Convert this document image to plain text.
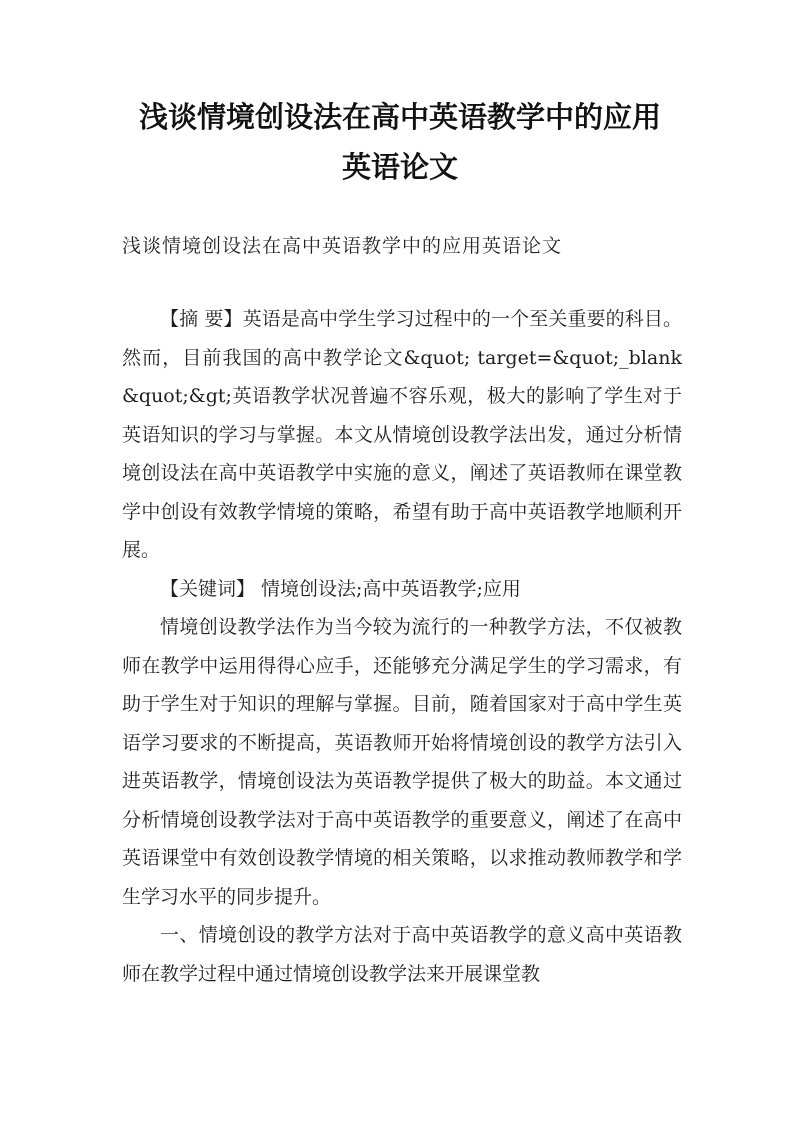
浅谈情境创设法在高中英语教学中的应用
英语论文

浅谈情境创设法在高中英语教学中的应用英语论文

【摘 要】英语是高中学生学习过程中的一个至关重要的科目。然而，目前我国的高中教学论文&quot; target=&quot;_blank&quot;&gt;英语教学状况普遍不容乐观，极大的影响了学生对于英语知识的学习与掌握。本文从情境创设教学法出发，通过分析情境创设法在高中英语教学中实施的意义，阐述了英语教师在课堂教学中创设有效教学情境的策略，希望有助于高中英语教学地顺利开展。

【关键词】 情境创设法;高中英语教学;应用

情境创设教学法作为当今较为流行的一种教学方法，不仅被教师在教学中运用得得心应手，还能够充分满足学生的学习需求，有助于学生对于知识的理解与掌握。目前，随着国家对于高中学生英语学习要求的不断提高，英语教师开始将情境创设的教学方法引入进英语教学，情境创设法为英语教学提供了极大的助益。本文通过分析情境创设教学法对于高中英语教学的重要意义，阐述了在高中英语课堂中有效创设教学情境的相关策略，以求推动教师教学和学生学习水平的同步提升。

一、情境创设的教学方法对于高中英语教学的意义高中英语教师在教学过程中通过情境创设教学法来开展课堂教
